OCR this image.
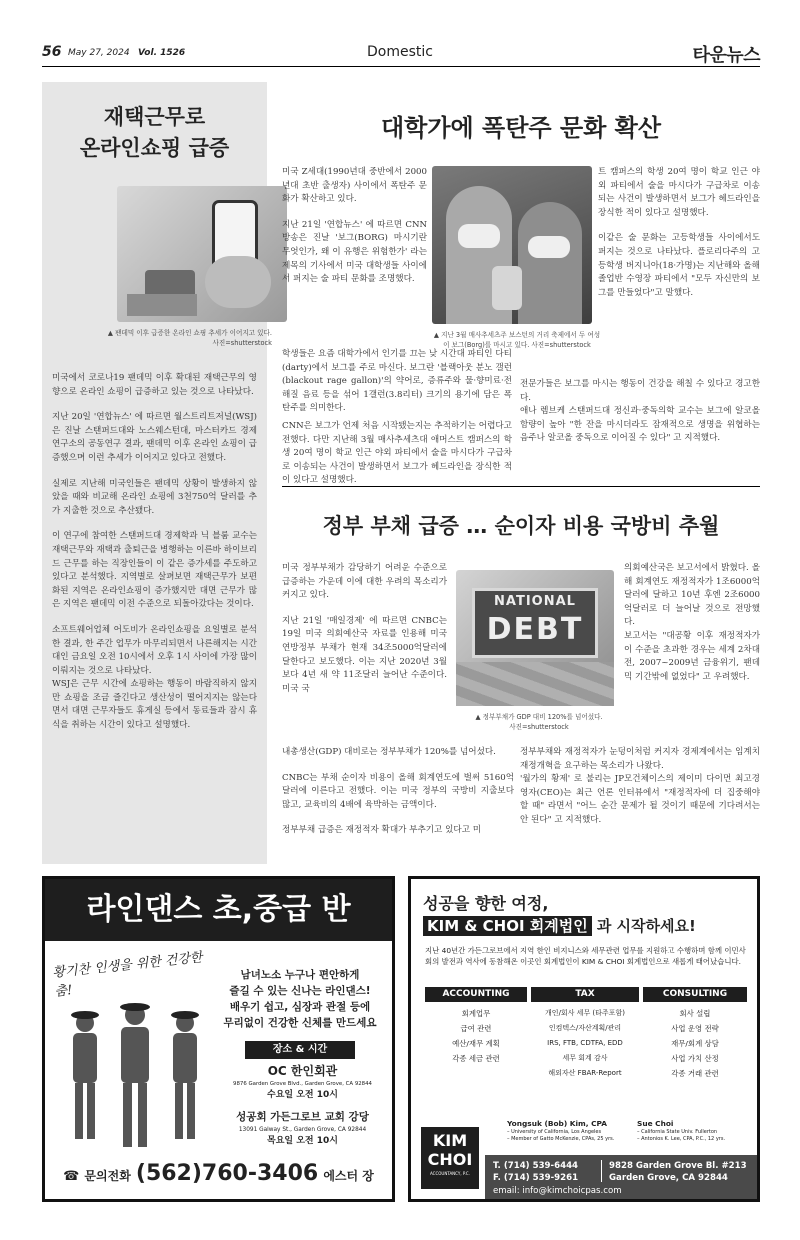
56 May 27, 2024 Vol. 1526	Domestic	타운뉴스
재택근무로
온라인쇼핑 급증
▲ 팬데믹 이후 급증한 온라인 쇼핑 추세가 이어지고 있다.
사진=shutterstock

미국에서 코로나19 팬데믹 이후 확대된 재택근무의 영향으로 온라인 쇼핑이 급증하고 있는 것으로 나타났다.

지난 20일 '연합뉴스' 에 따르면 월스트리트저널(WSJ)은 진날 스탠퍼드대와 노스웨스턴대, 마스터카드 경제연구소의 공동연구 결과, 팬데믹 이후 온라인 쇼핑이 급증했으며 이런 추세가 이어지고 있다고 전했다.

실제로 지난해 미국인들은 팬데믹 상황이 발생하지 않았을 때와 비교해 온라인 쇼핑에 3천750억 달러를 추가 지출한 것으로 추산됐다.

이 연구에 참여한 스탠퍼드대 경제학과 닉 블룸 교수는 재택근무와 재택과 출퇴근을 병행하는 이른바 하이브리드 근무를 하는 직장인들이 이 같은 증가세를 주도하고 있다고 분석했다. 지역별로 살펴보면 재택근무가 보편화된 지역은 온라인쇼핑이 증가했지만 대면 근무가 많은 지역은 팬데믹 이전 수준으로 되돌아갔다는 것이다.

소프트웨어업체 어도비가 온라인쇼핑을 요일별로 분석한 결과, 한 주간 업무가 마무리되면서 나른해지는 시간대인 금요일 오전 10시에서 오후 1시 사이에 가장 많이 이뤄지는 것으로 나타났다.

WSJ은 근무 시간에 쇼핑하는 행동이 바람직하지 않지만 쇼핑을 조금 즐긴다고 생산성이 떨어지지는 않는다면서 대면 근무자들도 휴게실 등에서 동료들과 잠시 휴식을 취하는 시간이 있다고 설명했다.

대학가에 폭탄주 문화 확산

미국 Z세대(1990년대 중반에서 2000년대 초반 출생자) 사이에서 폭탄주 문화가 확산하고 있다.

지난 21일 '연합뉴스' 에 따르면 CNN 방송은 진날 '보그(BORG) 마시기란 무엇인가, 왜 이 유행은 위험한가' 라는 제목의 기사에서 미국 대학생들 사이에서 퍼지는 술 파티 문화를 조명했다.

학생들은 요즘 대학가에서 인기를 끄는 낮 시간대 파티인 다티(darty)에서 보그를 주로 마신다. 보그란 '블랙아웃 분노 갤런(blackout rage gallon)'의 약어로, 증류주와 물·향미료·전해질 음료 등을 섞어 1갤런(3.8리터) 크기의 용기에 담은 폭탄주를 의미한다.

CNN은 보그가 언제 처음 시작됐는지는 추적하기는 어렵다고 전했다. 다만 지난해 3월 매사추세츠대 애머스트 캠퍼스의 학생 20여 명이 학교 인근 야외 파티에서 술을 마시다가 구급차로 이송되는 사건이 발생하면서 보그가 헤드라인을 장식한 적이 있다고 설명했다.

▲ 지난 3월 매사추세츠주 보스턴의 거리 축제에서 두 여성이 보그(Borg)를 마시고 있다. 사진=shutterstock

트 캠퍼스의 학생 20여 명이 학교 인근 야외 파티에서 술을 마시다가 구급차로 이송되는 사건이 발생하면서 보그가 헤드라인을 장식한 적이 있다고 설명했다.

이같은 술 문화는 고등학생들 사이에서도 퍼지는 것으로 나타났다. 플로리다주의 고등학생 버지니아(18·가명)는 지난해와 올해 졸업반 수영장 파티에서 "모두 자신만의 보그를 만들었다"고 말했다.

전문가들은 보그를 마시는 행동이 건강을 해칠 수 있다고 경고한다.

애나 렘브케 스탠퍼드대 정신과·중독의학 교수는 보그에 알코올 함량이 높아 "한 잔을 마시더라도 잠재적으로 생명을 위협하는 음주나 알코올 중독으로 이어질 수 있다" 고 지적했다.

정부 부채 급증 … 순이자 비용 국방비 추월

미국 정부부채가 감당하기 어려운 수준으로 급증하는 가운데 이에 대한 우려의 목소리가 커지고 있다.

지난 21일 '매일경제' 에 따르면 CNBC는 19일 미국 의회예산국 자료를 인용해 미국 연방정부 부채가 현재 34조5000억달러에 달한다고 보도했다. 이는 지난 2020년 3월보다 4년 새 약 11조달러 늘어난 수준이다. 미국 국

NATIONAL
DEBT
▲ 정부부채가 GDP 대비 120%를 넘어섰다.
사진=shutterstock

내총생산(GDP) 대비로는 정부부채가 120%를 넘어섰다.

CNBC는 부채 순이자 비용이 올해 회계연도에 벌써 5160억 달러에 이른다고 전했다. 이는 미국 정부의 국방비 지출보다 많고, 교육비의 4배에 육박하는 금액이다.

정부부채 급증은 재정적자 확대가 부추기고 있다고 미

의회예산국은 보고서에서 밝혔다. 올해 회계연도 재정적자가 1조6000억달러에 달하고 10년 후엔 2조6000억달러로 더 늘어날 것으로 전망했다.

보고서는 "대공황 이후 재정적자가 이 수준을 초과한 경우는 세계 2차대전, 2007~2009년 금융위기, 팬데믹 기간밖에 없었다" 고 우려했다.

정부부채와 재정적자가 눈덩이처럼 커지자 경제계에서는 임계치 재정개혁을 요구하는 목소리가 나왔다.

'월가의 황제' 로 불리는 JP모건체이스의 제이미 다이먼 최고경영자(CEO)는 최근 언론 인터뷰에서 "재정적자에 더 집중해야 할 때" 라면서 "어느 순간 문제가 될 것이기 때문에 기다려서는 안 된다" 고 지적했다.

라인댄스 초,중급 반
황기찬 인생을 위한 건강한 춤!
남녀노소 누구나 편안하게
즐길 수 있는 신나는 라인댄스!
배우기 쉽고, 심장과 관절 등에
무리없이 건강한 신체를 만드세요
장소 & 시간
OC 한인회관
9876 Garden Grove Blvd., Garden Grove, CA 92844
수요일 오전 10시
성공회 가든그로브 교회 강당
13091 Galway St., Garden Grove, CA 92844
목요일 오전 10시
☎ 문의전화 (562)760-3406 에스터 장
성공을 향한 여정,
KIM & CHOI 회계법인 과 시작하세요!
지난 40년간 가든그로브에서 지역 한인 비지니스와 세무관련 업무를 지원하고 수행하며 함께 이민사회의 발전과 역사에 동참해온 이곳인 회계법인이 KIM & CHOI 회계법인으로 새롭게 태어났습니다.
ACCOUNTING
회계업무
급여 관련
예산/재무 계획
각종 세금 관련
TAX
개인/회사 세무 (타주포함)
인컴텍스/자산계획/관리
IRS, FTB, CDTFA, EDD
세무 회계 감사
해외자산 FBAR-Report
CONSULTING
회사 설립
사업 운영 전략
재무/회계 상담
사업 가치 산정
각종 거래 관련
KIM
CHOI
ACCOUNTANCY, P.C.
Yongsuk (Bob) Kim, CPA
– University of California, Los Angeles
– Member of Gatto McKenzie, CPAs, 25 yrs.
Sue Choi
– California State Univ. Fullerton
– Antonios K. Lee, CPA, P.C., 12 yrs.
T. (714) 539-6444
F. (714) 539-9261
9828 Garden Grove Bl. #213
Garden Grove, CA 92844
email: info@kimchoicpas.com
